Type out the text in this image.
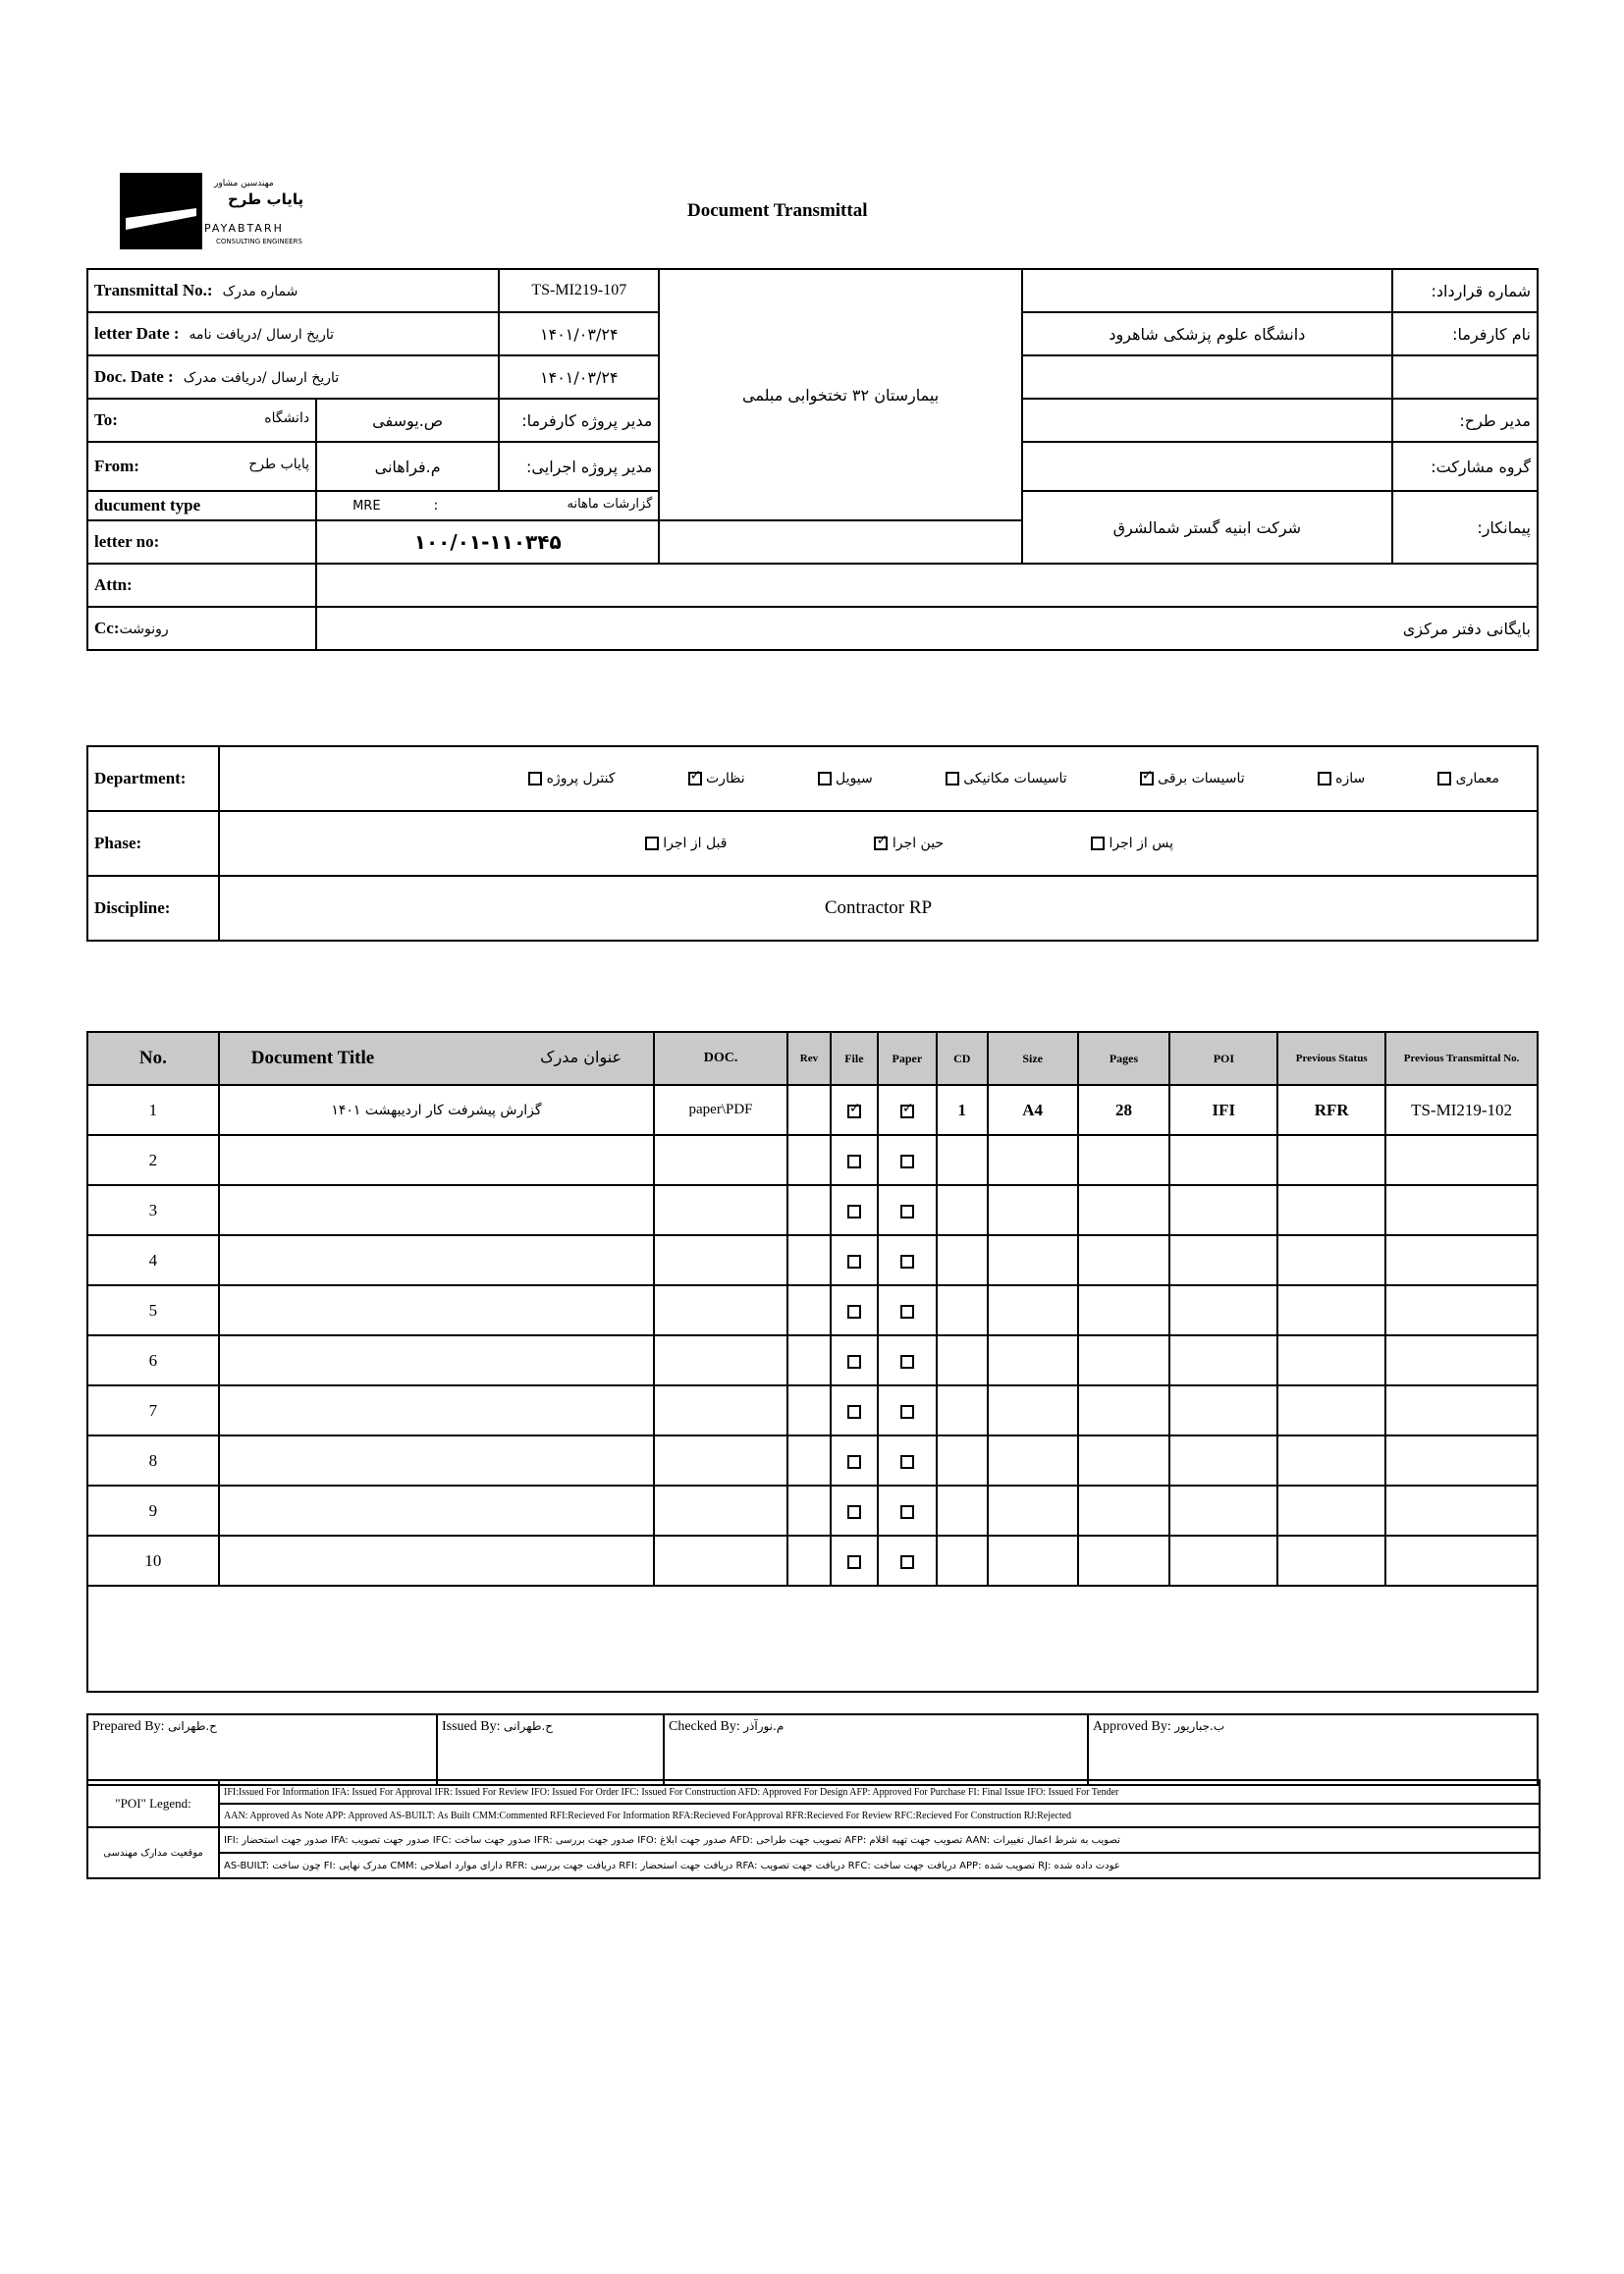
مهندسین مشاور
پایاب طرح
PAYABTARH
CONSULTING ENGINEERS
Document Transmittal
Transmittal No.: شماره مدرک		TS-MI219-107	بیمارستان ۳۲ تختخوابی مبلمی		شماره قرارداد:
letter Date : تاریخ ارسال /دریافت نامه		۱۴۰۱/۰۳/۲۴		دانشگاه علوم پزشکی شاهرود	نام کارفرما:
Doc. Date : تاریخ ارسال /دریافت مدرک		۱۴۰۱/۰۳/۲۴			
To: دانشگاه	ص.یوسفی	مدیر پروژه کارفرما:			مدیر طرح:
From: پایاب طرح	م.فراهانی	مدیر پروژه اجرایی:			گروه مشارکت:
ducument type	MRE : گزارشات ماهانه			شرکت ابنیه گستر شمالشرق	پیمانکار:
letter no:	۱۰۰/۰۱-۱۱۰۳۴۵				
Attn:					
Cc:رونوشت	بایگانی دفتر مرکزی				
Department:	معماری سازه تاسیسات برقی ✓تاسیسات مکانیکی سیویل نظارت ✓کنترل پروژه
Phase:	پس از اجرا حین اجرا ✓قبل از اجرا
Discipline:	Contractor RP
No.	Document Title عنوان مدرک	DOC.	Rev	File	Paper	CD	Size	Pages	POI	Previous Status	Previous Transmittal No.
1	گزارش پیشرفت کار اردیبهشت ۱۴۰۱	paper\PDF		✓	✓	1	A4	28	IFI	RFR	TS-MI219-102
2											
3											
4											
5											
6											
7											
8											
9											
10											

Prepared By: ح.طهرانی	Issued By: ح.طهرانی	Checked By: م.نورآذر	Approved By: ب.جباریور
"POI" Legend:	IFI:Issued For Information IFA: Issued For Approval IFR: Issued For Review IFO: Issued For Order IFC: Issued For Construction AFD: Approved For Design AFP: Approved For Purchase FI: Final Issue IFO: Issued For Tender
	AAN: Approved As Note APP: Approved AS-BUILT: As Built CMM:Commented RFI:Recieved For Information RFA:Recieved ForApproval RFR:Recieved For Review RFC:Recieved For Construction RJ:Rejected
موقعیت مدارک مهندسی	IFI: صدور جهت استحضار IFA: صدور جهت تصویب IFC: صدور جهت ساخت IFR: صدور جهت بررسی IFO: صدور جهت ابلاغ AFD: تصویب جهت طراحی AFP: تصویب جهت تهیه اقلام AAN: تصویب به شرط اعمال تغییرات
	AS-BUILT: چون ساخت FI: مدرک نهایی CMM: دارای موارد اصلاحی RFR: دریافت جهت بررسی RFI: دریافت جهت استحضار RFA: دریافت جهت تصویب RFC: دریافت جهت ساخت APP: تصویب شده RJ: عودت داده شده
